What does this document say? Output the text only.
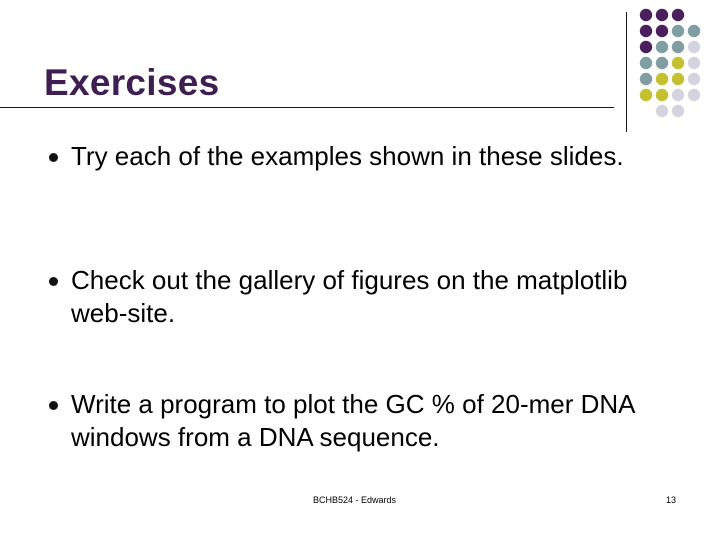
Exercises
Try each of the examples shown in these slides.
Check out the gallery of figures on the matplotlib web-site.
Write a program to plot the GC % of 20-mer DNA windows from a DNA sequence.
BCHB524 - Edwards	13
